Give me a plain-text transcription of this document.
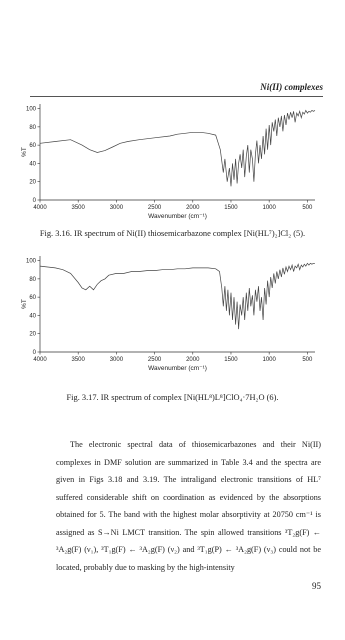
Ni(II) complexes
4000	3500	3000	2500	2000	1500	1000	500
0
20
40
60
80
100
Wavenumber (cm⁻¹)
%T
Fig. 3.16. IR spectrum of Ni(II) thiosemicarbazone complex [Ni(HL⁷)₂]Cl₂ (5).
4000	3500	3000	2500	2000	1500	1000	500
0
20
40
60
80
100
Wavenumber (cm⁻¹)
%T
Fig. 3.17. IR spectrum of complex [Ni(HL⁸)L⁸]ClO₄·7H₂O (6).

The electronic spectral data of thiosemicarbazones and their Ni(II) complexes in DMF solution are summarized in Table 3.4 and the spectra are given in Figs 3.18 and 3.19. The intraligand electronic transitions of HL⁷ suffered considerable shift on coordination as evidenced by the absorptions obtained for 5. The band with the highest molar absorptivity at 20750 cm⁻¹ is assigned as S→Ni LMCT transition. The spin allowed transitions ³T₂g(F) ← ³A₂g(F) (ν₁), ³T₁g(F) ← ³A₂g(F) (ν₂) and ³T₁g(P) ← ³A₂g(F) (ν₃) could not be located, probably due to masking by the high-intensity

95
